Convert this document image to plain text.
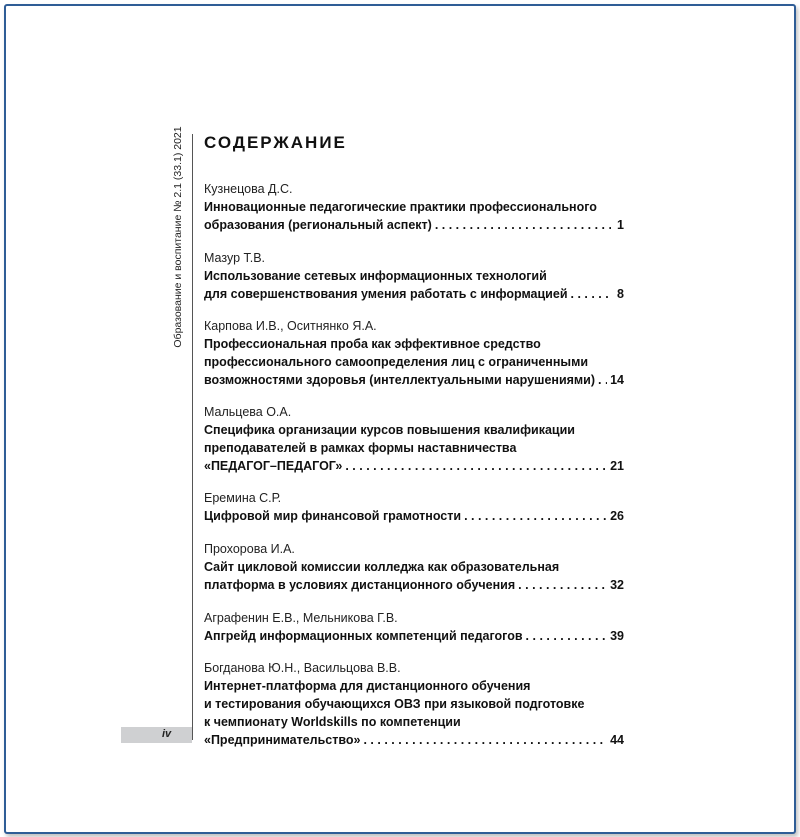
Образование и воспитание № 2.1 (33.1) 2021
iv
СОДЕРЖАНИЕ
Кузнецова Д.С.
Инновационные педагогические практики профессионального
образования (региональный аспект) . . .	1
Мазур Т.В.
Использование сетевых информационных технологий
для совершенствования умения работать с информацией . . .	8
Карпова И.В., Оситнянко Я.А.
Профессиональная проба как эффективное средство
профессионального самоопределения лиц с ограниченными
возможностями здоровья (интеллектуальными нарушениями) . . . 14
Мальцева О.А.
Специфика организации курсов повышения квалификации
преподавателей в рамках формы наставничества
«ПЕДАГОГ–ПЕДАГОГ» . . .	21
Еремина С.Р.
Цифровой мир финансовой грамотности . . .	26
Прохорова И.А.
Сайт цикловой комиссии колледжа как образовательная
платформа в условиях дистанционного обучения . . .	32
Аграфенин Е.В., Мельникова Г.В.
Апгрейд информационных компетенций педагогов . . .	39
Богданова Ю.Н., Васильцова В.В.
Интернет-платформа для дистанционного обучения
и тестирования обучающихся ОВЗ при языковой подготовке
к чемпионату Worldskills по компетенции
«Предпринимательство» . . .	44
